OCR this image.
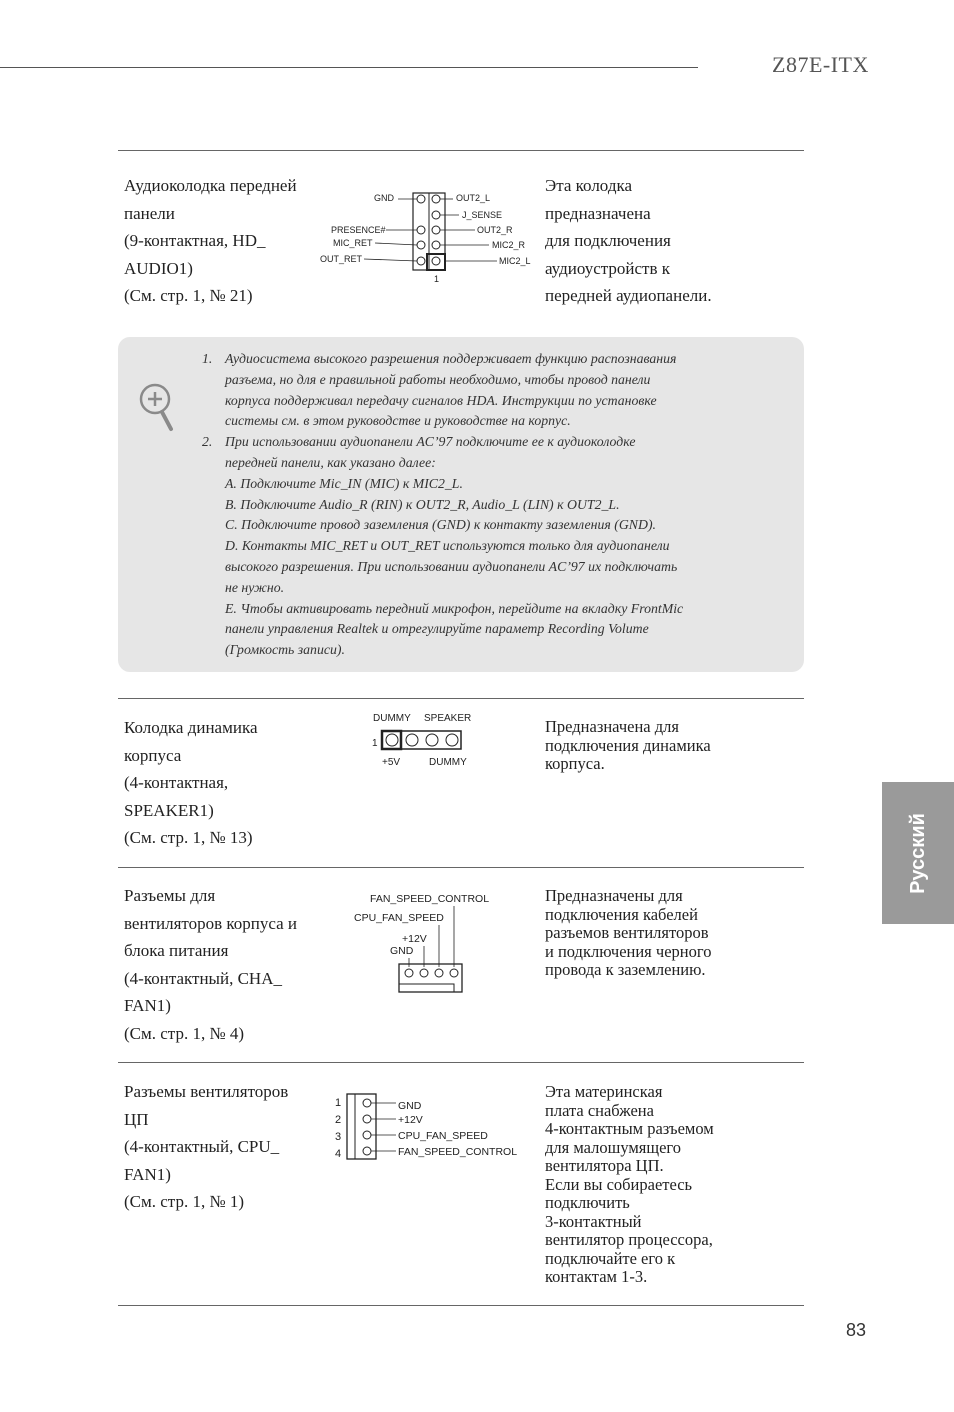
Z87E-ITX
Русский
Аудиоколодка передней
панели
(9-контактная, HD_
AUDIO1)
(См. стр. 1, № 21)
Эта колодка
предназначена
для подключения
аудиоустройств к
передней аудиопанели.
GND	OUT2_L
J_SENSE
OUT2_R
PRESENCE#
MIC_RET	MIC2_R
OUT_RET	MIC2_L
1
1. Аудиосистема высокого разрешения поддерживает функцию распознавания
разъема, но для е правильной работы необходимо, чтобы провод панели
корпуса поддерживал передачу сигналов HDA. Инструкции по установке
системы см. в этом руководстве и руководстве на корпус.
2. При использовании аудиопанели AC’97 подключите ее к аудиоколодке
передней панели, как указано далее:
A. Подключите Mic_IN (MIC) к MIC2_L.
B. Подключите Audio_R (RIN) к OUT2_R, Audio_L (LIN) к OUT2_L.
C. Подключите провод заземления (GND) к контакту заземления (GND).
D. Контакты MIC_RET и OUT_RET используются только для аудиопанели
высокого разрешения. При использовании аудиопанели AC’97 их подключать
не нужно.
E. Чтобы активировать передний микрофон, перейдите на вкладку FrontMic
панели управления Realtek и отрегулируйте параметр Recording Volume
(Громкость записи).
Колодка динамика
корпуса
(4-контактная,
SPEAKER1)
(См. стр. 1, № 13)
Предназначена для
подключения динамика
корпуса.
DUMMY SPEAKER
1
+5V	DUMMY
Разъемы для
вентиляторов корпуса и
блока питания
(4-контактный, CHA_
FAN1)
(См. стр. 1, № 4)
Предназначены для
подключения кабелей
разъемов вентиляторов
и подключения черного
провода к заземлению.
FAN_SPEED_CONTROL
CPU_FAN_SPEED
+12V
GND
Разъемы вентиляторов
ЦП
(4-контактный, CPU_
FAN1)
(См. стр. 1, № 1)
Эта материнская
плата снабжена
4-контактным разъемом
для малошумящего
вентилятора ЦП.
Если вы собираетесь
подключить
3-контактный
вентилятор процессора,
подключайте его к
контактам 1-3.
1
2
3
4
GND
+12V
CPU_FAN_SPEED
FAN_SPEED_CONTROL
83
